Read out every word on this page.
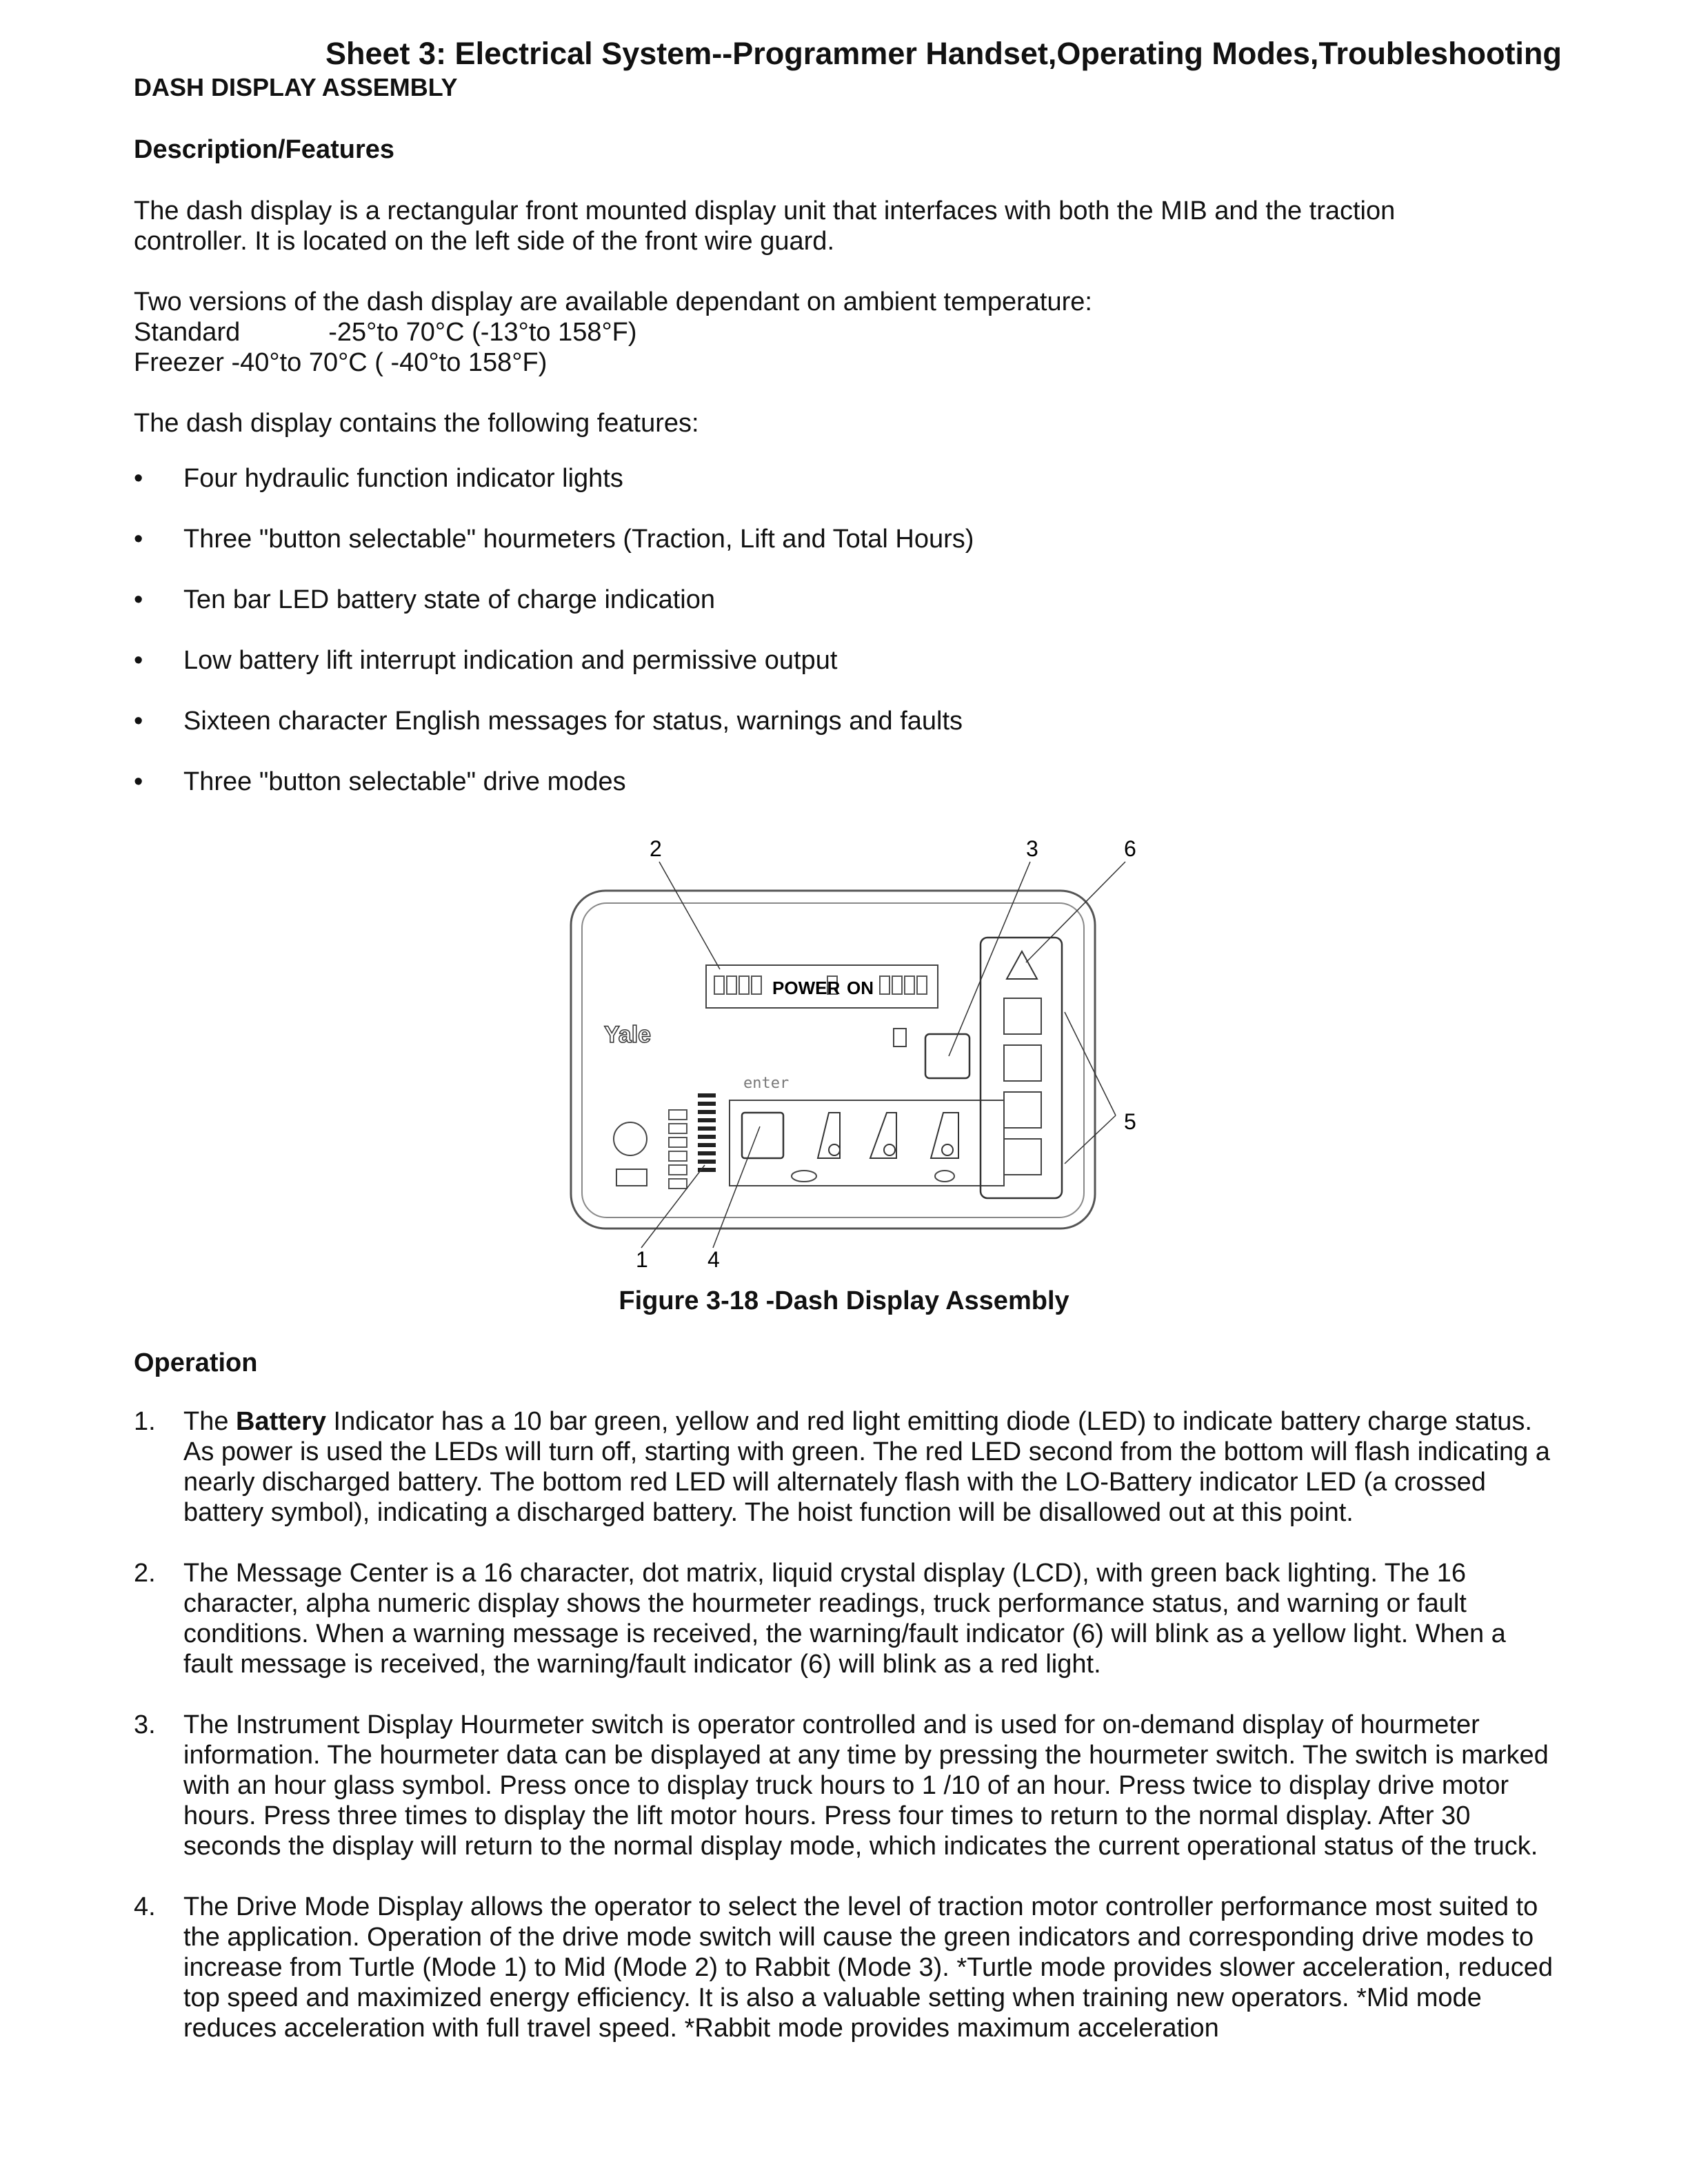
Sheet 3: Electrical System--Programmer Handset,Operating Modes,Troubleshooting
DASH DISPLAY ASSEMBLY
Description/Features
The dash display is a rectangular front mounted display unit that interfaces with both the MIB and the traction
controller. It is located on the left side of the front wire guard.
Two versions of the dash display are available dependant on ambient temperature:
Standard	-25°to 70°C (-13°to 158°F)
Freezer -40°to 70°C ( -40°to 158°F)
The dash display contains the following features:
• Four hydraulic function indicator lights
• Three "button selectable" hourmeters (Traction, Lift and Total Hours)
• Ten bar LED battery state of charge indication
• Low battery lift interrupt indication and permissive output
• Sixteen character English messages for status, warnings and faults
• Three "button selectable" drive modes
2	3	6
5
1	4
POWER ON
Yale
enter
Figure 3-18 -Dash Display Assembly
Operation
1. The Battery Indicator has a 10 bar green, yellow and red light emitting diode (LED) to indicate battery charge status. As power is used the LEDs will turn off, starting with green. The red LED second from the bottom will flash indicating a nearly discharged battery. The bottom red LED will alternately flash with the LO-Battery indicator LED (a crossed battery symbol), indicating a discharged battery. The hoist function will be disallowed out at this point.
2. The Message Center is a 16 character, dot matrix, liquid crystal display (LCD), with green back lighting. The 16 character, alpha numeric display shows the hourmeter readings, truck performance status, and warning or fault conditions. When a warning message is received, the warning/fault indicator (6) will blink as a yellow light. When a fault message is received, the warning/fault indicator (6) will blink as a red light.
3. The Instrument Display Hourmeter switch is operator controlled and is used for on-demand display of hourmeter information. The hourmeter data can be displayed at any time by pressing the hourmeter switch. The switch is marked with an hour glass symbol. Press once to display truck hours to 1 /10 of an hour. Press twice to display drive motor hours. Press three times to display the lift motor hours. Press four times to return to the normal display. After 30 seconds the display will return to the normal display mode, which indicates the current operational status of the truck.
4. The Drive Mode Display allows the operator to select the level of traction motor controller performance most suited to the application. Operation of the drive mode switch will cause the green indicators and corresponding drive modes to increase from Turtle (Mode 1) to Mid (Mode 2) to Rabbit (Mode 3). *Turtle mode provides slower acceleration, reduced top speed and maximized energy efficiency. It is also a valuable setting when training new operators. *Mid mode reduces acceleration with full travel speed. *Rabbit mode provides maximum acceleration
